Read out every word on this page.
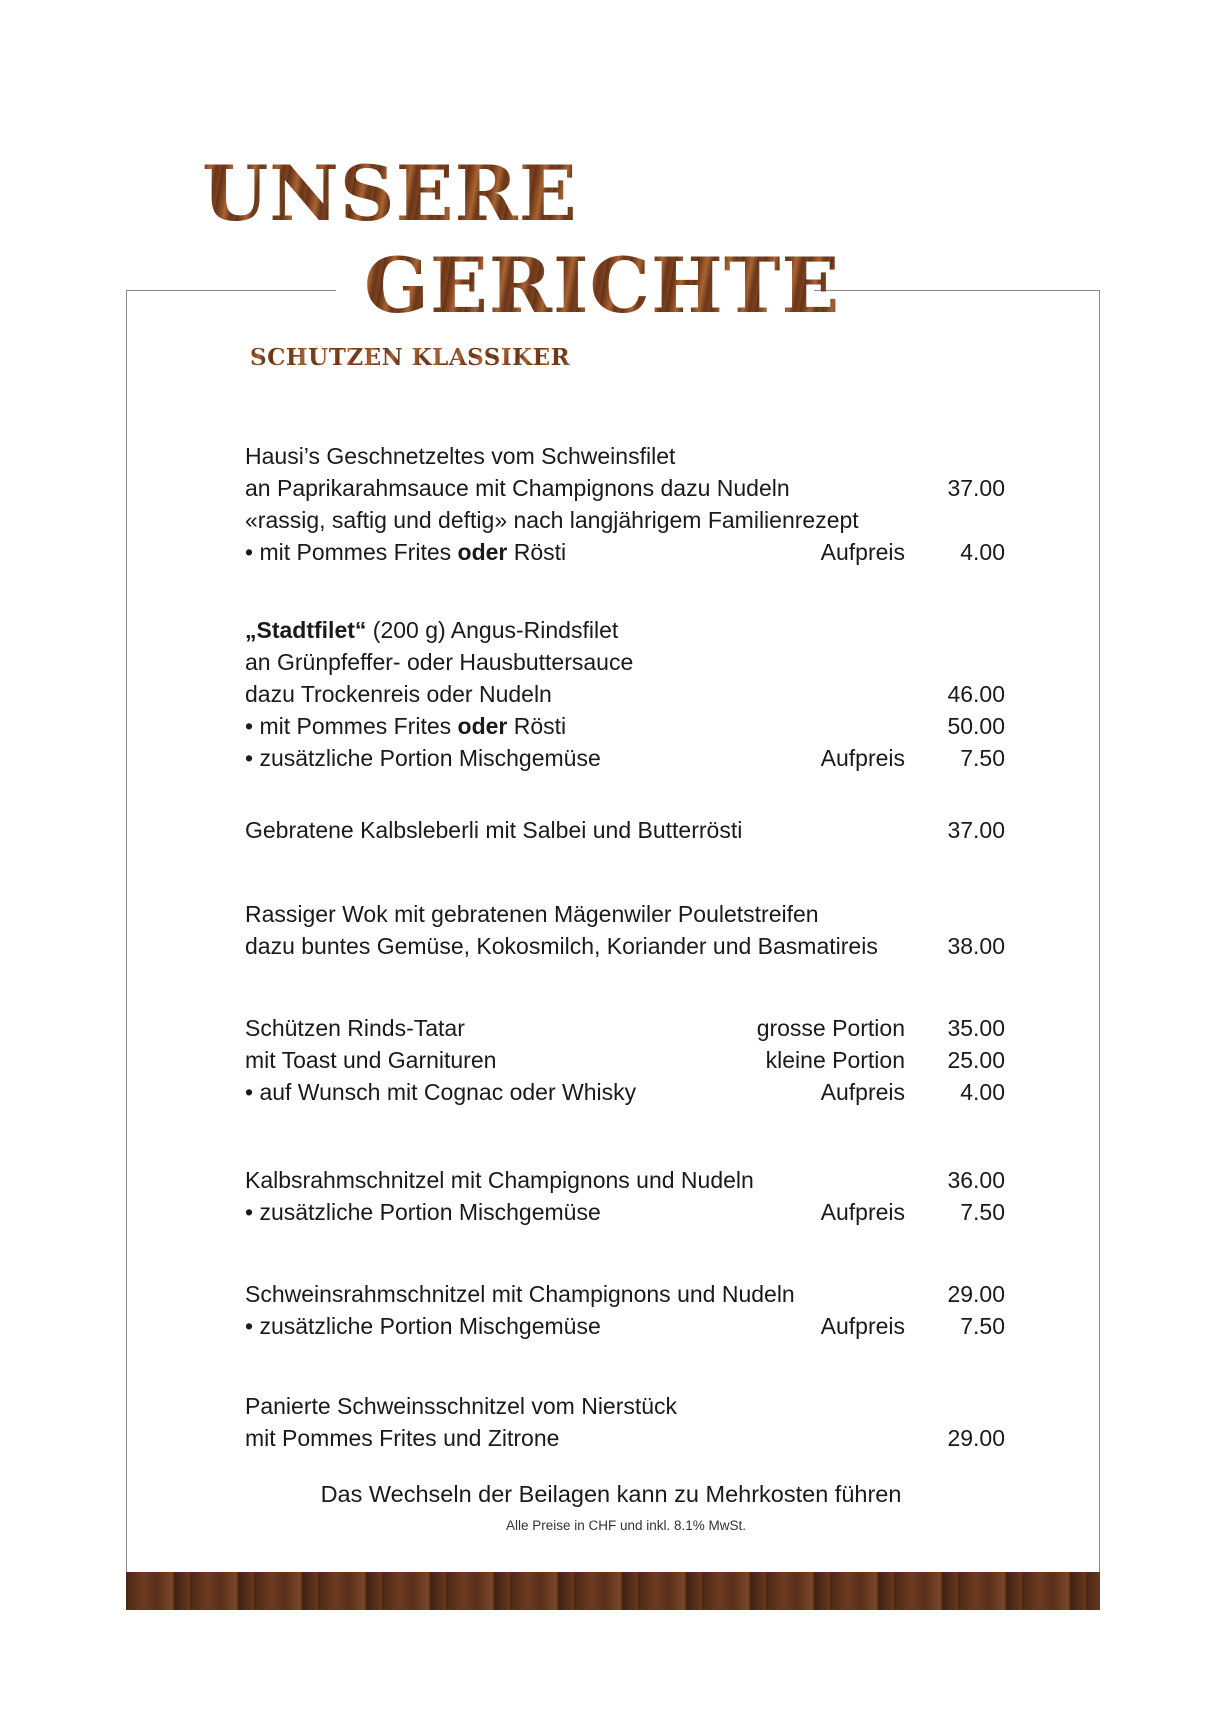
UNSERE
GERICHTE
SCHÜTZEN KLASSIKER
Hausi’s Geschnetzeltes vom Schweinsfilet
an Paprikarahmsauce mit Champignons dazu Nudeln	37.00
«rassig, saftig und deftig» nach langjährigem Familienrezept
• mit Pommes Frites oder Rösti	Aufpreis 4.00
„Stadtfilet“ (200 g) Angus-Rindsfilet
an Grünpfeffer- oder Hausbuttersauce
dazu Trockenreis oder Nudeln	46.00
• mit Pommes Frites oder Rösti	50.00
• zusätzliche Portion Mischgemüse	Aufpreis 7.50
Gebratene Kalbsleberli mit Salbei und Butterrösti	37.00
Rassiger Wok mit gebratenen Mägenwiler Pouletstreifen
dazu buntes Gemüse, Kokosmilch, Koriander und Basmatireis	38.00
Schützen Rinds-Tatar	grosse Portion 35.00
mit Toast und Garnituren	kleine Portion 25.00
• auf Wunsch mit Cognac oder Whisky	Aufpreis 4.00
Kalbsrahmschnitzel mit Champignons und Nudeln	36.00
• zusätzliche Portion Mischgemüse	Aufpreis 7.50
Schweinsrahmschnitzel mit Champignons und Nudeln	29.00
• zusätzliche Portion Mischgemüse	Aufpreis 7.50
Panierte Schweinsschnitzel vom Nierstück
mit Pommes Frites und Zitrone	29.00
Das Wechseln der Beilagen kann zu Mehrkosten führen
Alle Preise in CHF und inkl. 8.1% MwSt.
